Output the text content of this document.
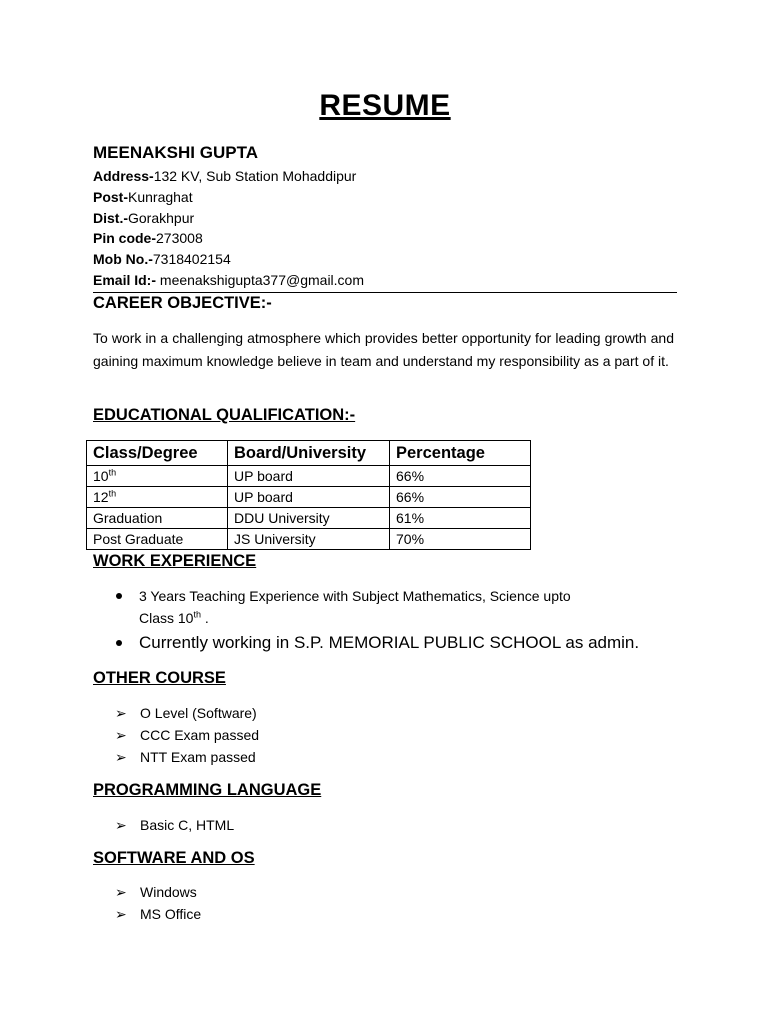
RESUME
MEENAKSHI GUPTA
Address-132 KV, Sub Station Mohaddipur
Post-Kunraghat
Dist.-Gorakhpur
Pin code-273008
Mob No.-7318402154
Email Id:- meenakshigupta377@gmail.com
CAREER OBJECTIVE:-
To work in a challenging atmosphere which provides better opportunity for leading growth and gaining maximum knowledge believe in team and understand my responsibility as a part of it.
EDUCATIONAL QUALIFICATION:-
Class/Degree	Board/University	Percentage
10th	UP board	66%
12th	UP board	66%
Graduation	DDU University	61%
Post Graduate	JS University	70%
WORK EXPERIENCE
3 Years Teaching Experience with Subject Mathematics, Science upto
Class 10th .
Currently working in S.P. MEMORIAL PUBLIC SCHOOL as admin.
OTHER COURSE
➢ O Level (Software)
➢ CCC Exam passed
➢ NTT Exam passed
PROGRAMMING LANGUAGE
➢ Basic C, HTML
SOFTWARE AND OS
➢ Windows
➢ MS Office
